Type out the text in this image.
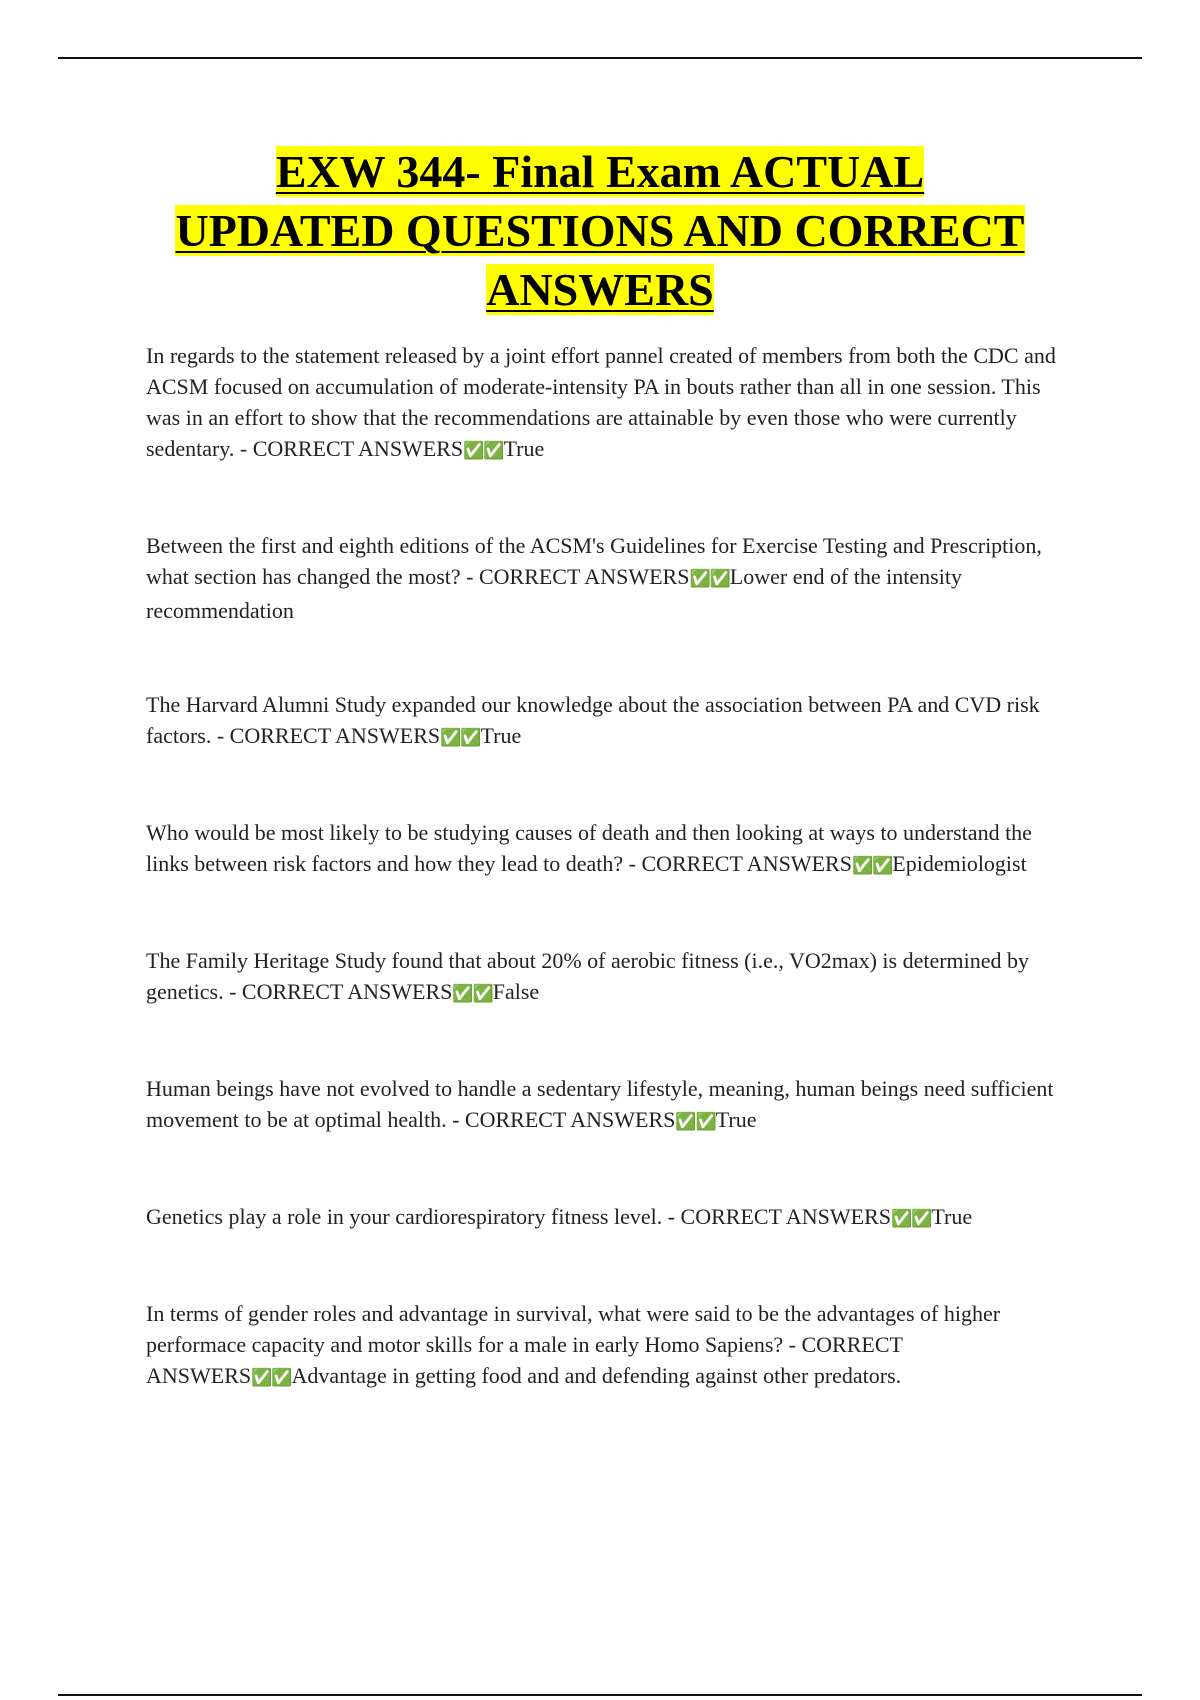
EXW 344- Final Exam ACTUAL
UPDATED QUESTIONS AND CORRECT
ANSWERS

In regards to the statement released by a joint effort pannel created of members from both the CDC and ACSM focused on accumulation of moderate-intensity PA in bouts rather than all in one session. This was in an effort to show that the recommendations are attainable by even those who were currently sedentary. - CORRECT ANSWERS✅✅True

Between the first and eighth editions of the ACSM's Guidelines for Exercise Testing and Prescription, what section has changed the most? - CORRECT ANSWERS✅✅Lower end of the intensity recommendation

The Harvard Alumni Study expanded our knowledge about the association between PA and CVD risk factors. - CORRECT ANSWERS✅✅True

Who would be most likely to be studying causes of death and then looking at ways to understand the links between risk factors and how they lead to death? - CORRECT ANSWERS✅✅Epidemiologist

The Family Heritage Study found that about 20% of aerobic fitness (i.e., VO2max) is determined by genetics. - CORRECT ANSWERS✅✅False

Human beings have not evolved to handle a sedentary lifestyle, meaning, human beings need sufficient movement to be at optimal health. - CORRECT ANSWERS✅✅True

Genetics play a role in your cardiorespiratory fitness level. - CORRECT ANSWERS✅✅True

In terms of gender roles and advantage in survival, what were said to be the advantages of higher performace capacity and motor skills for a male in early Homo Sapiens? - CORRECT ANSWERS✅✅Advantage in getting food and and defending against other predators.
